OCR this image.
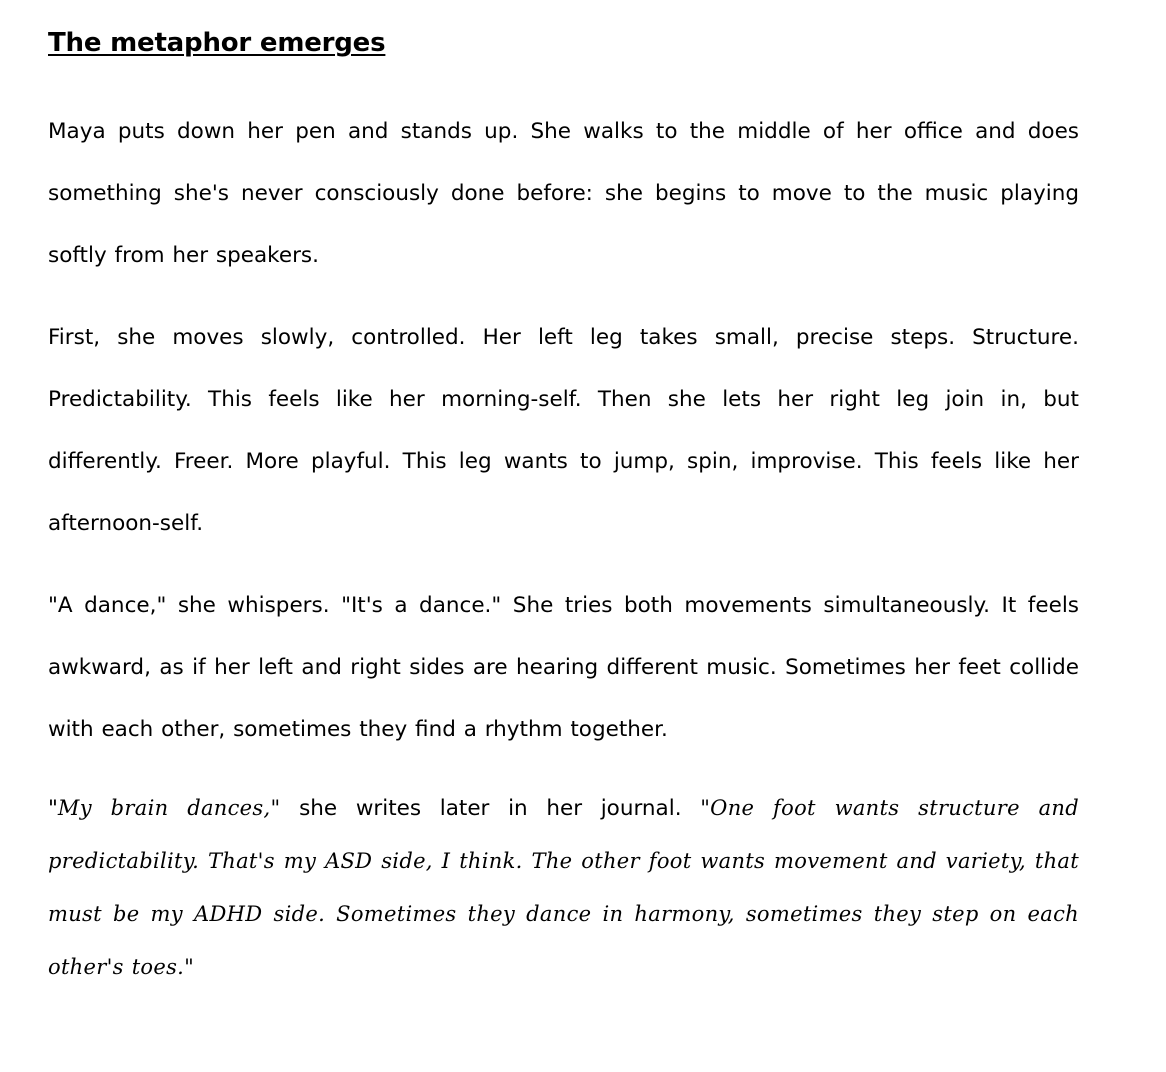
The metaphor emerges

Maya puts down her pen and stands up. She walks to the middle of her office and does something she's never consciously done before: she begins to move to the music playing softly from her speakers.

First, she moves slowly, controlled. Her left leg takes small, precise steps. Structure. Predictability. This feels like her morning-self. Then she lets her right leg join in, but differently. Freer. More playful. This leg wants to jump, spin, improvise. This feels like her afternoon-self.

"A dance," she whispers. "It's a dance." She tries both movements simultaneously. It feels awkward, as if her left and right sides are hearing different music. Sometimes her feet collide with each other, sometimes they find a rhythm together.

"My brain dances," she writes later in her journal. "One foot wants structure and predictability. That's my ASD side, I think. The other foot wants movement and variety, that must be my ADHD side. Sometimes they dance in harmony, sometimes they step on each other's toes."
